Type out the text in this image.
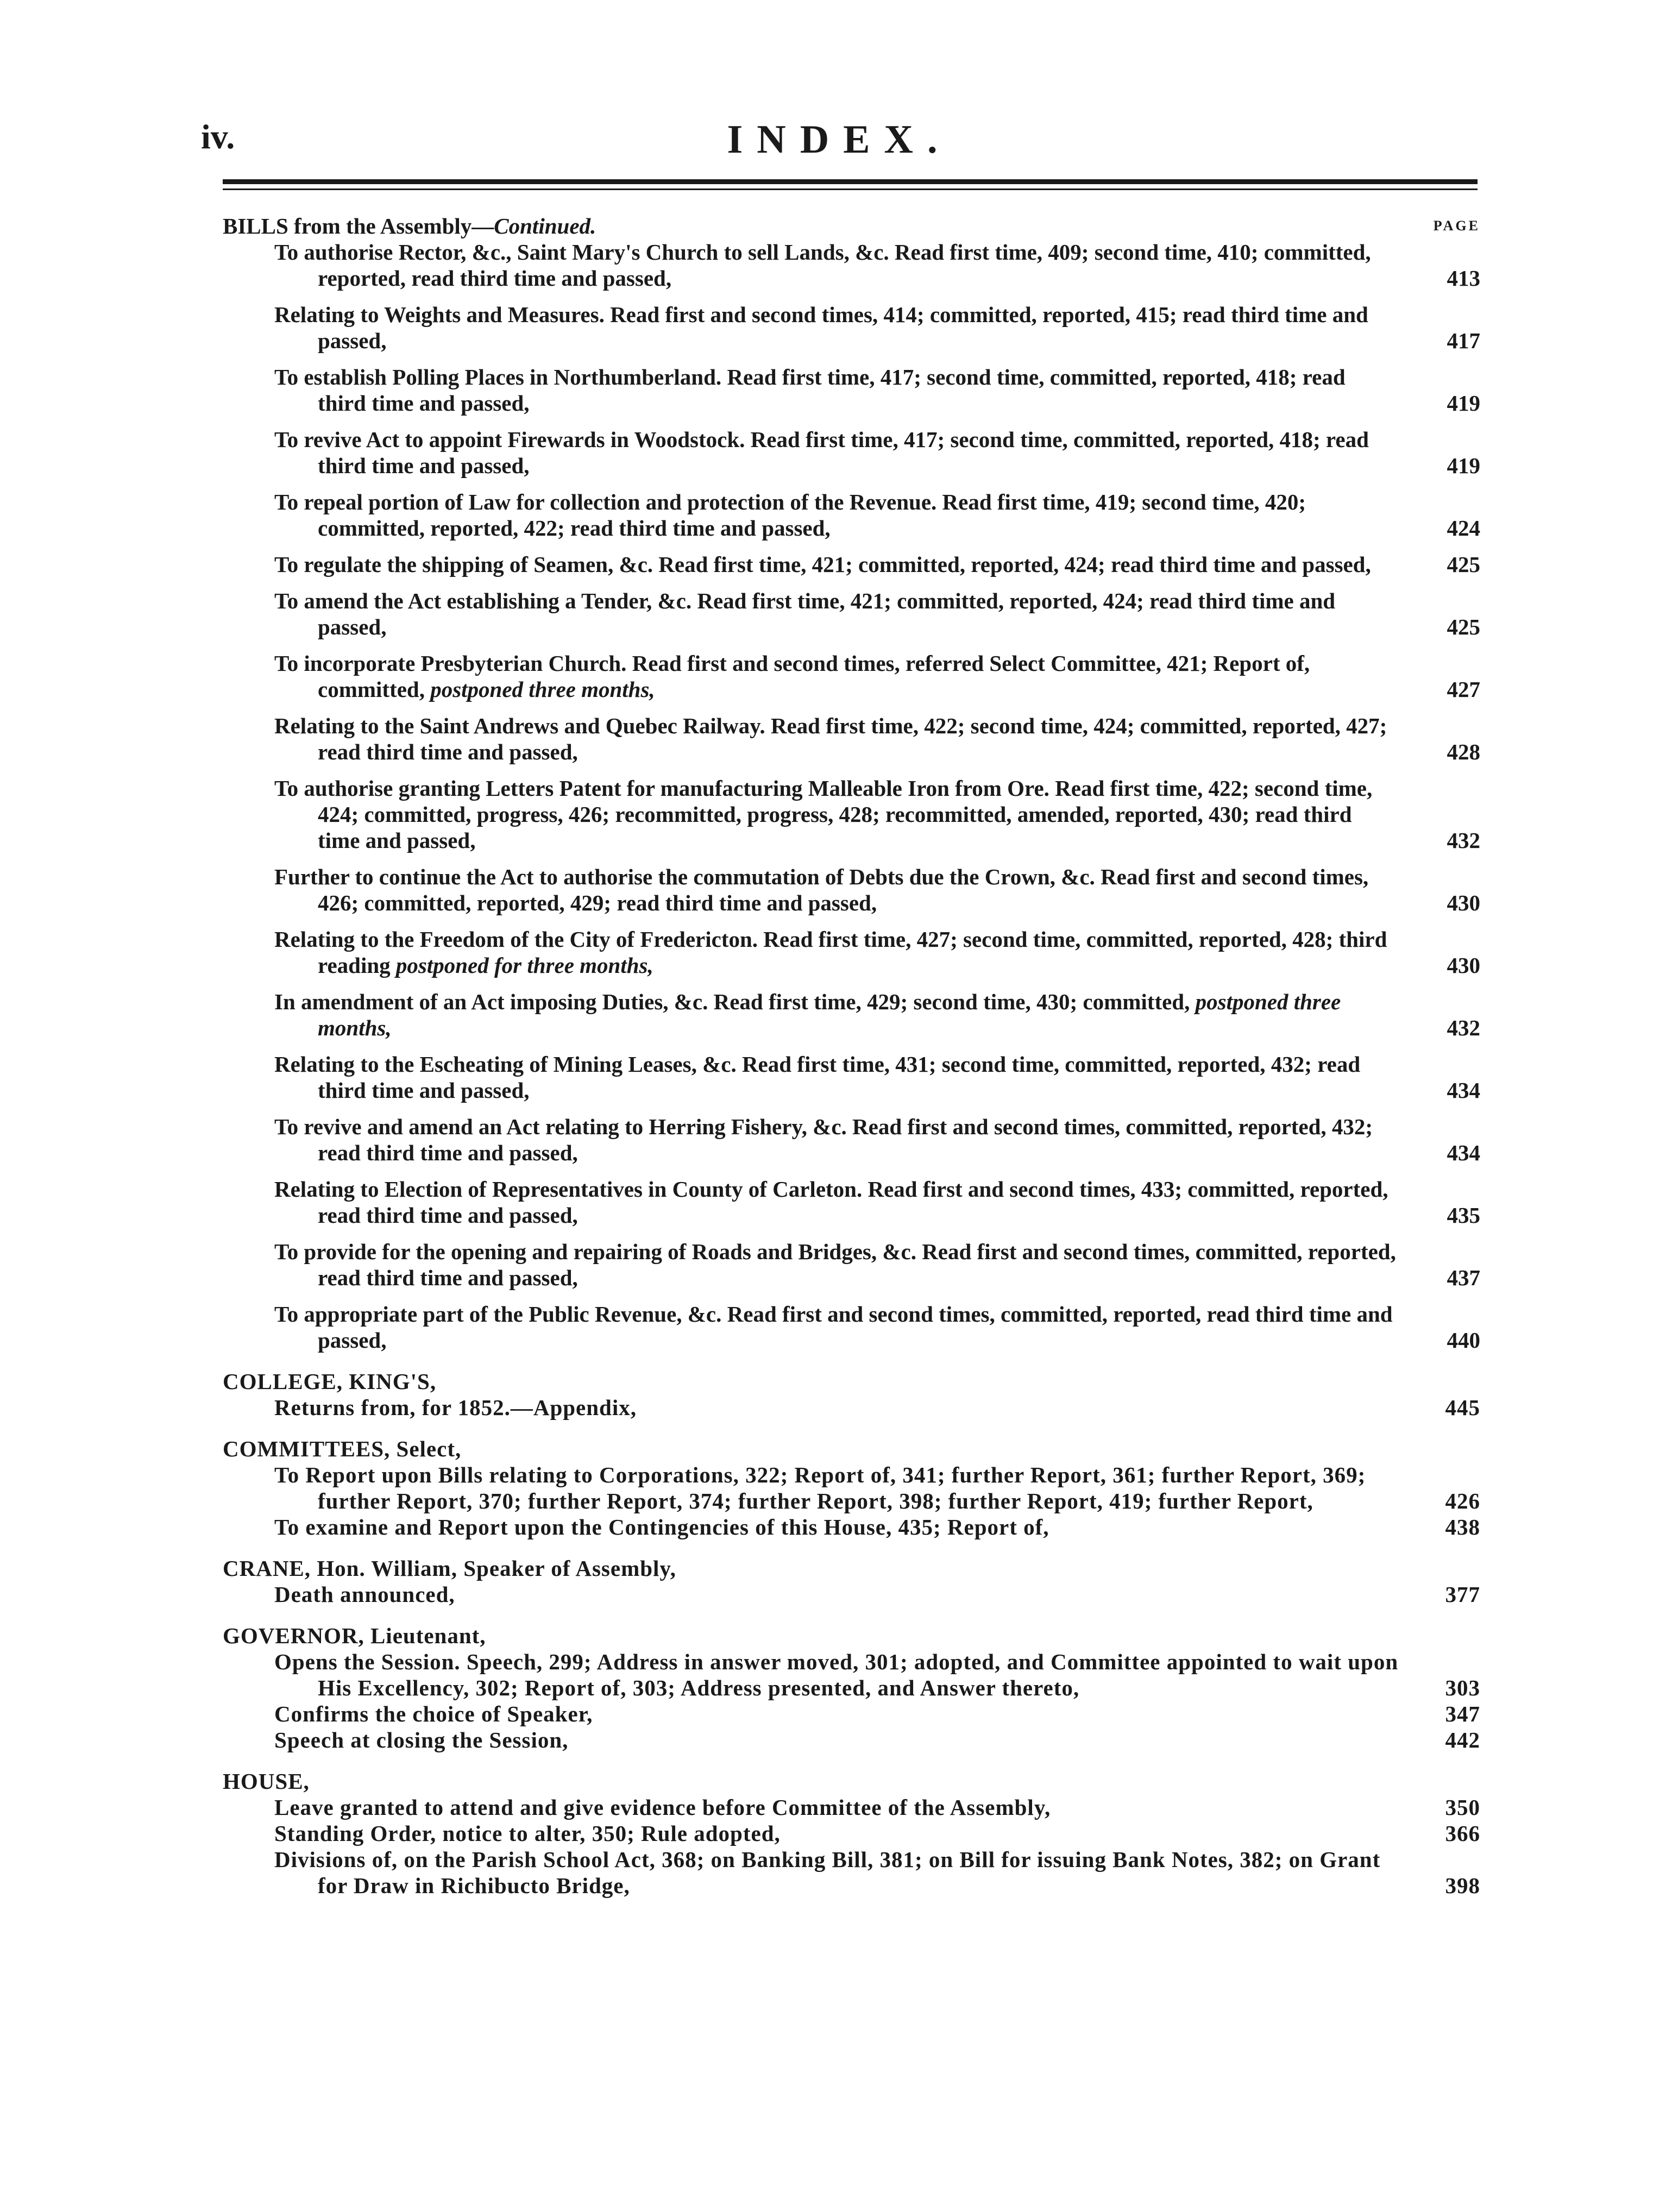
iv.	INDEX.
BILLS from the Assembly—Continued.	PAGE
To authorise Rector, &c., Saint Mary's Church to sell Lands, &c. Read first time, 409; second time, 410; committed, reported, read third time and passed,	413
Relating to Weights and Measures. Read first and second times, 414; committed, reported, 415; read third time and passed,	417
To establish Polling Places in Northumberland. Read first time, 417; second time, committed, reported, 418; read third time and passed,	419
To revive Act to appoint Firewards in Woodstock. Read first time, 417; second time, committed, reported, 418; read third time and passed,	419
To repeal portion of Law for collection and protection of the Revenue. Read first time, 419; second time, 420; committed, reported, 422; read third time and passed,	424
To regulate the shipping of Seamen, &c. Read first time, 421; committed, reported, 424; read third time and passed,	425
To amend the Act establishing a Tender, &c. Read first time, 421; committed, reported, 424; read third time and passed,	425
To incorporate Presbyterian Church. Read first and second times, referred Select Committee, 421; Report of, committed, postponed three months,	427
Relating to the Saint Andrews and Quebec Railway. Read first time, 422; second time, 424; committed, reported, 427; read third time and passed,	428
To authorise granting Letters Patent for manufacturing Malleable Iron from Ore. Read first time, 422; second time, 424; committed, progress, 426; recommitted, progress, 428; recommitted, amended, reported, 430; read third time and passed,	432
Further to continue the Act to authorise the commutation of Debts due the Crown, &c. Read first and second times, 426; committed, reported, 429; read third time and passed,	430
Relating to the Freedom of the City of Fredericton. Read first time, 427; second time, committed, reported, 428; third reading postponed for three months,	430
In amendment of an Act imposing Duties, &c. Read first time, 429; second time, 430; committed, postponed three months,	432
Relating to the Escheating of Mining Leases, &c. Read first time, 431; second time, committed, reported, 432; read third time and passed,	434
To revive and amend an Act relating to Herring Fishery, &c. Read first and second times, committed, reported, 432; read third time and passed,	434
Relating to Election of Representatives in County of Carleton. Read first and second times, 433; committed, reported, read third time and passed,	435
To provide for the opening and repairing of Roads and Bridges, &c. Read first and second times, committed, reported, read third time and passed,	437
To appropriate part of the Public Revenue, &c. Read first and second times, committed, reported, read third time and passed,	440
COLLEGE, KING'S,
Returns from, for 1852.—Appendix,	445
COMMITTEES, Select,
To Report upon Bills relating to Corporations, 322; Report of, 341; further Report, 361; further Report, 369; further Report, 370; further Report, 374; further Report, 398; further Report, 419; further Report,	426
To examine and Report upon the Contingencies of this House, 435; Report of,	438
CRANE, Hon. William, Speaker of Assembly,
Death announced,	377
GOVERNOR, Lieutenant,
Opens the Session. Speech, 299; Address in answer moved, 301; adopted, and Committee appointed to wait upon His Excellency, 302; Report of, 303; Address presented, and Answer thereto,	303
Confirms the choice of Speaker,	347
Speech at closing the Session,	442
HOUSE,
Leave granted to attend and give evidence before Committee of the Assembly,	350
Standing Order, notice to alter, 350; Rule adopted,	366
Divisions of, on the Parish School Act, 368; on Banking Bill, 381; on Bill for issuing Bank Notes, 382; on Grant for Draw in Richibucto Bridge,	398
